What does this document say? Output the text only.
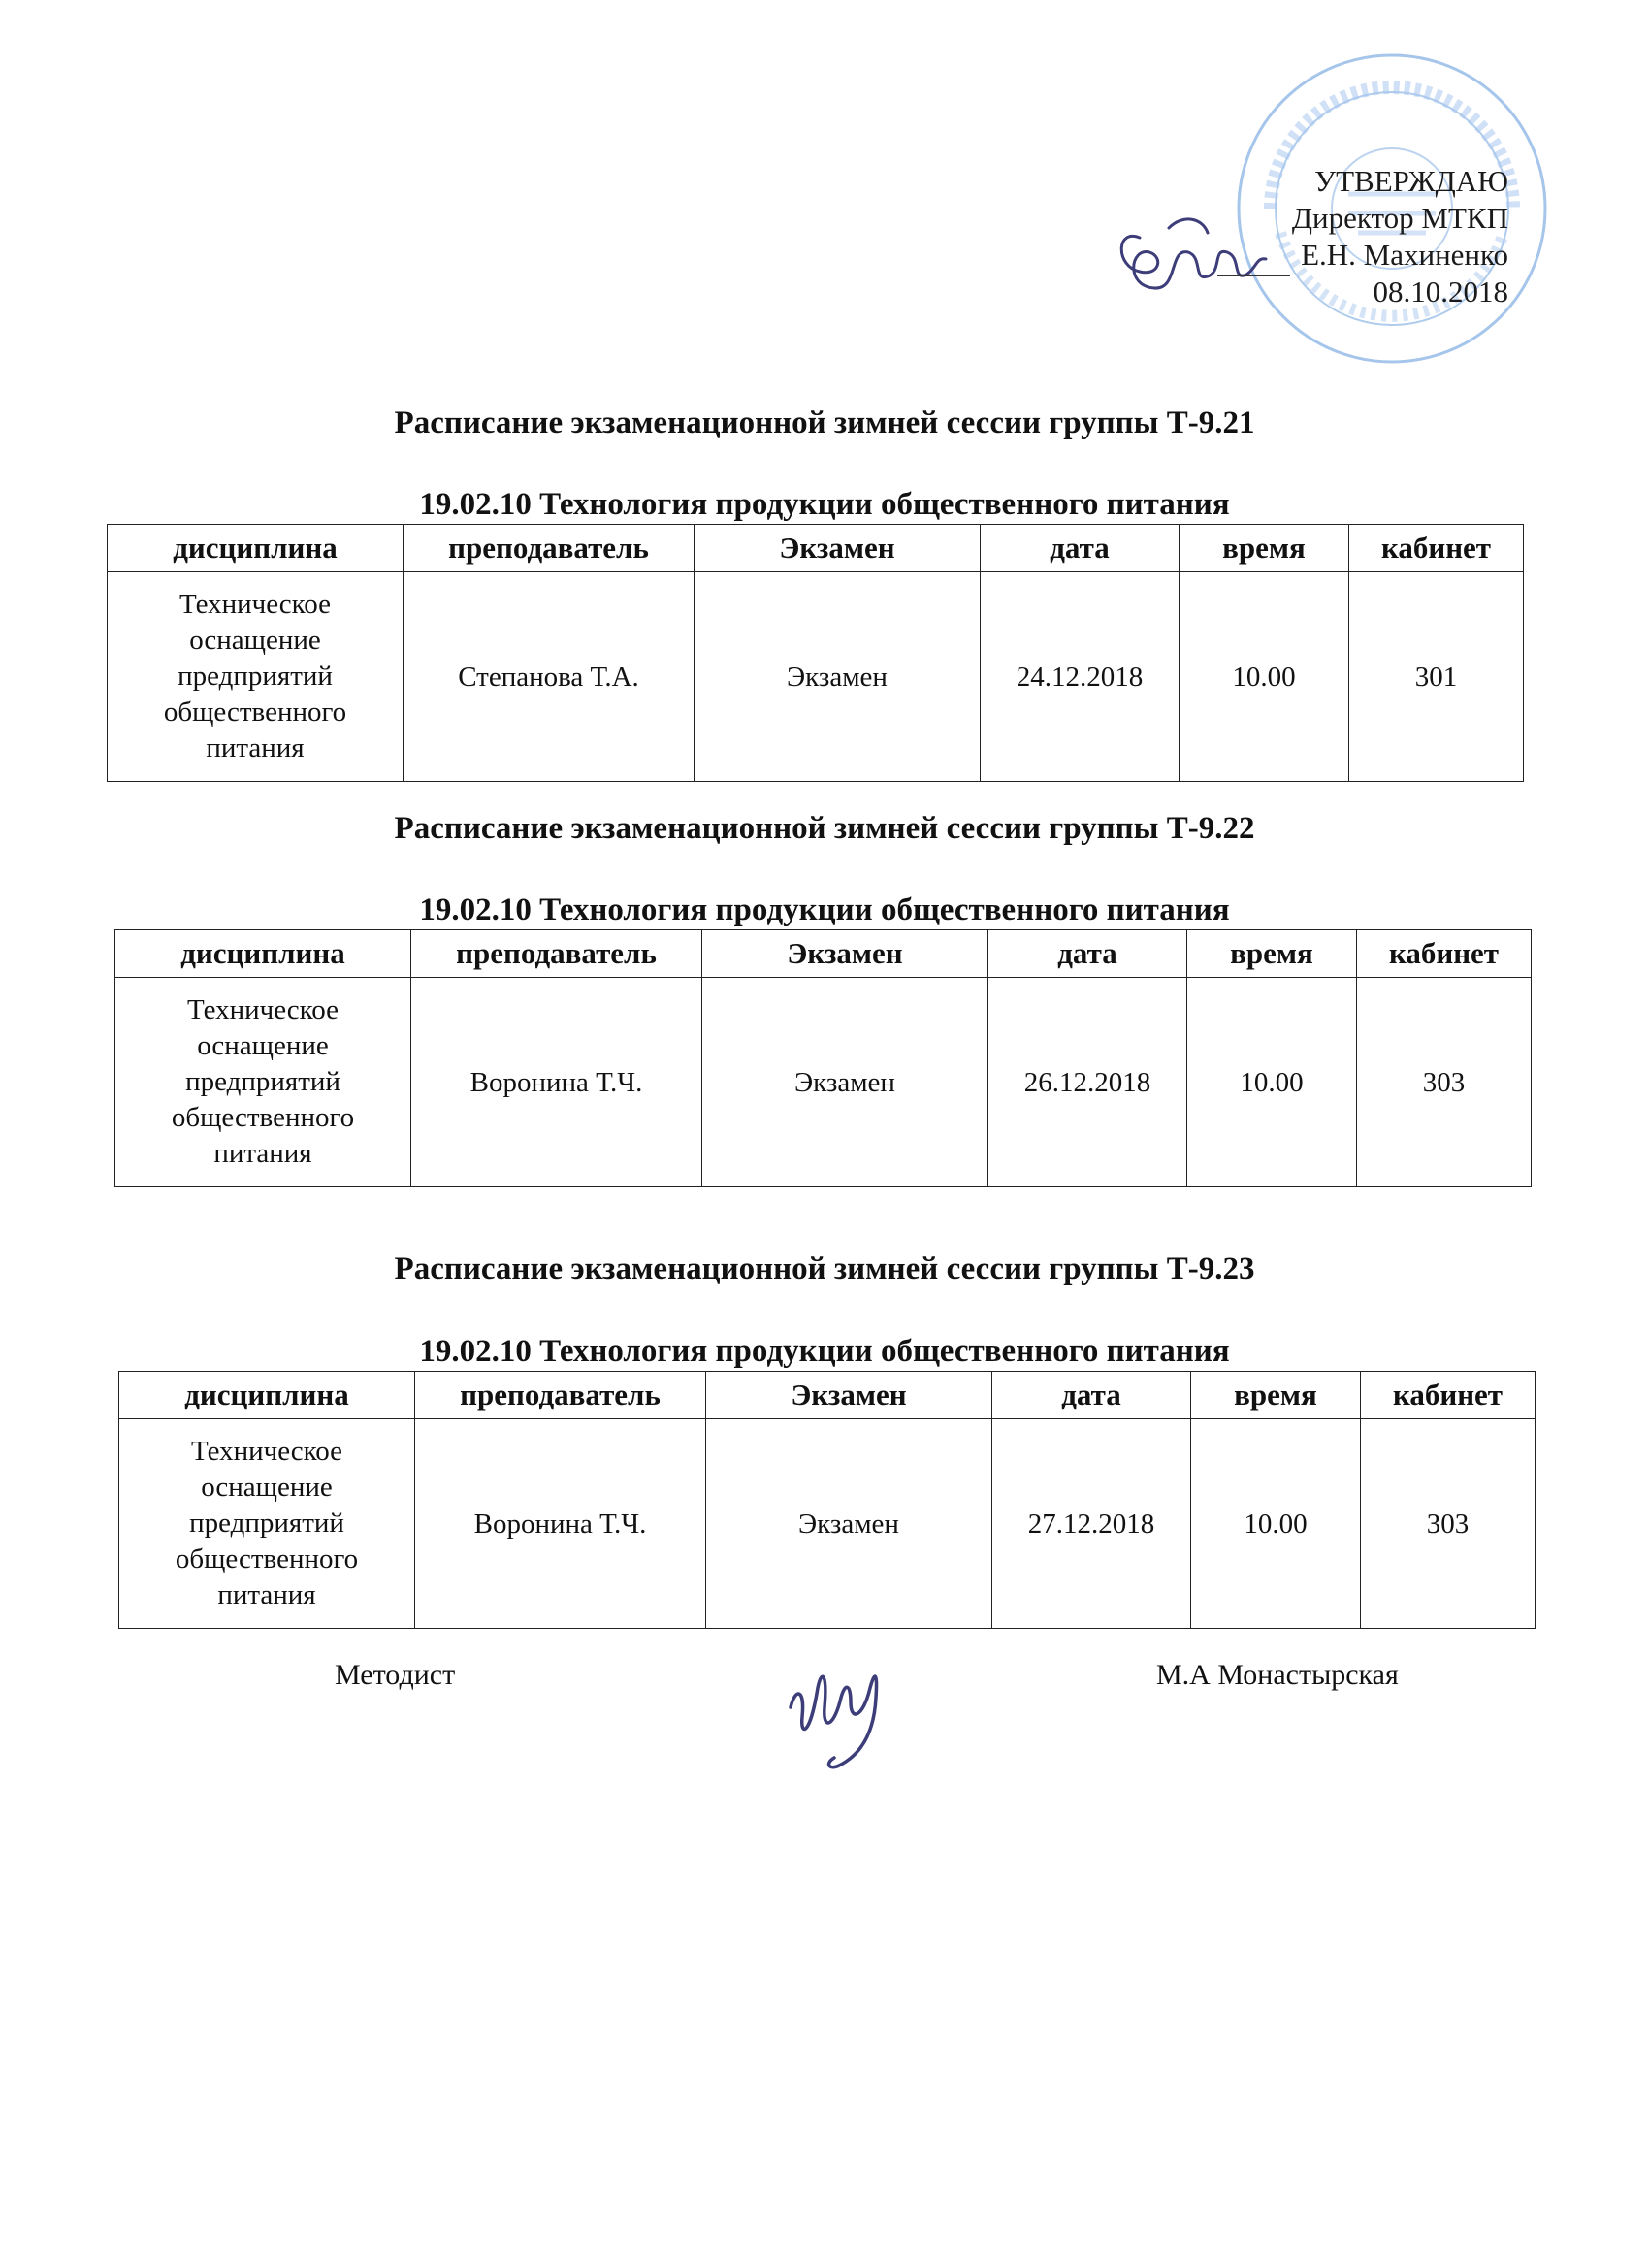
УТВЕРЖДАЮ
Директор МТКП
Е.Н. Махиненко
08.10.2018
Расписание экзаменационной зимней сессии группы Т-9.21
19.02.10 Технология продукции общественного питания
дисциплина	преподаватель	Экзамен	дата	время	кабинет

Техническое
оснащение
предприятий
общественного
питания	Степанова Т.А.	Экзамен	24.12.2018	10.00	301
Расписание экзаменационной зимней сессии группы Т-9.22
19.02.10 Технология продукции общественного питания
дисциплина	преподаватель	Экзамен	дата	время	кабинет

Техническое
оснащение
предприятий
общественного
питания	Воронина Т.Ч.	Экзамен	26.12.2018	10.00	303
Расписание экзаменационной зимней сессии группы Т-9.23
19.02.10 Технология продукции общественного питания
дисциплина	преподаватель	Экзамен	дата	время	кабинет

Техническое
оснащение
предприятий
общественного
питания	Воронина Т.Ч.	Экзамен	27.12.2018	10.00	303
Методист	М.А Монастырская
